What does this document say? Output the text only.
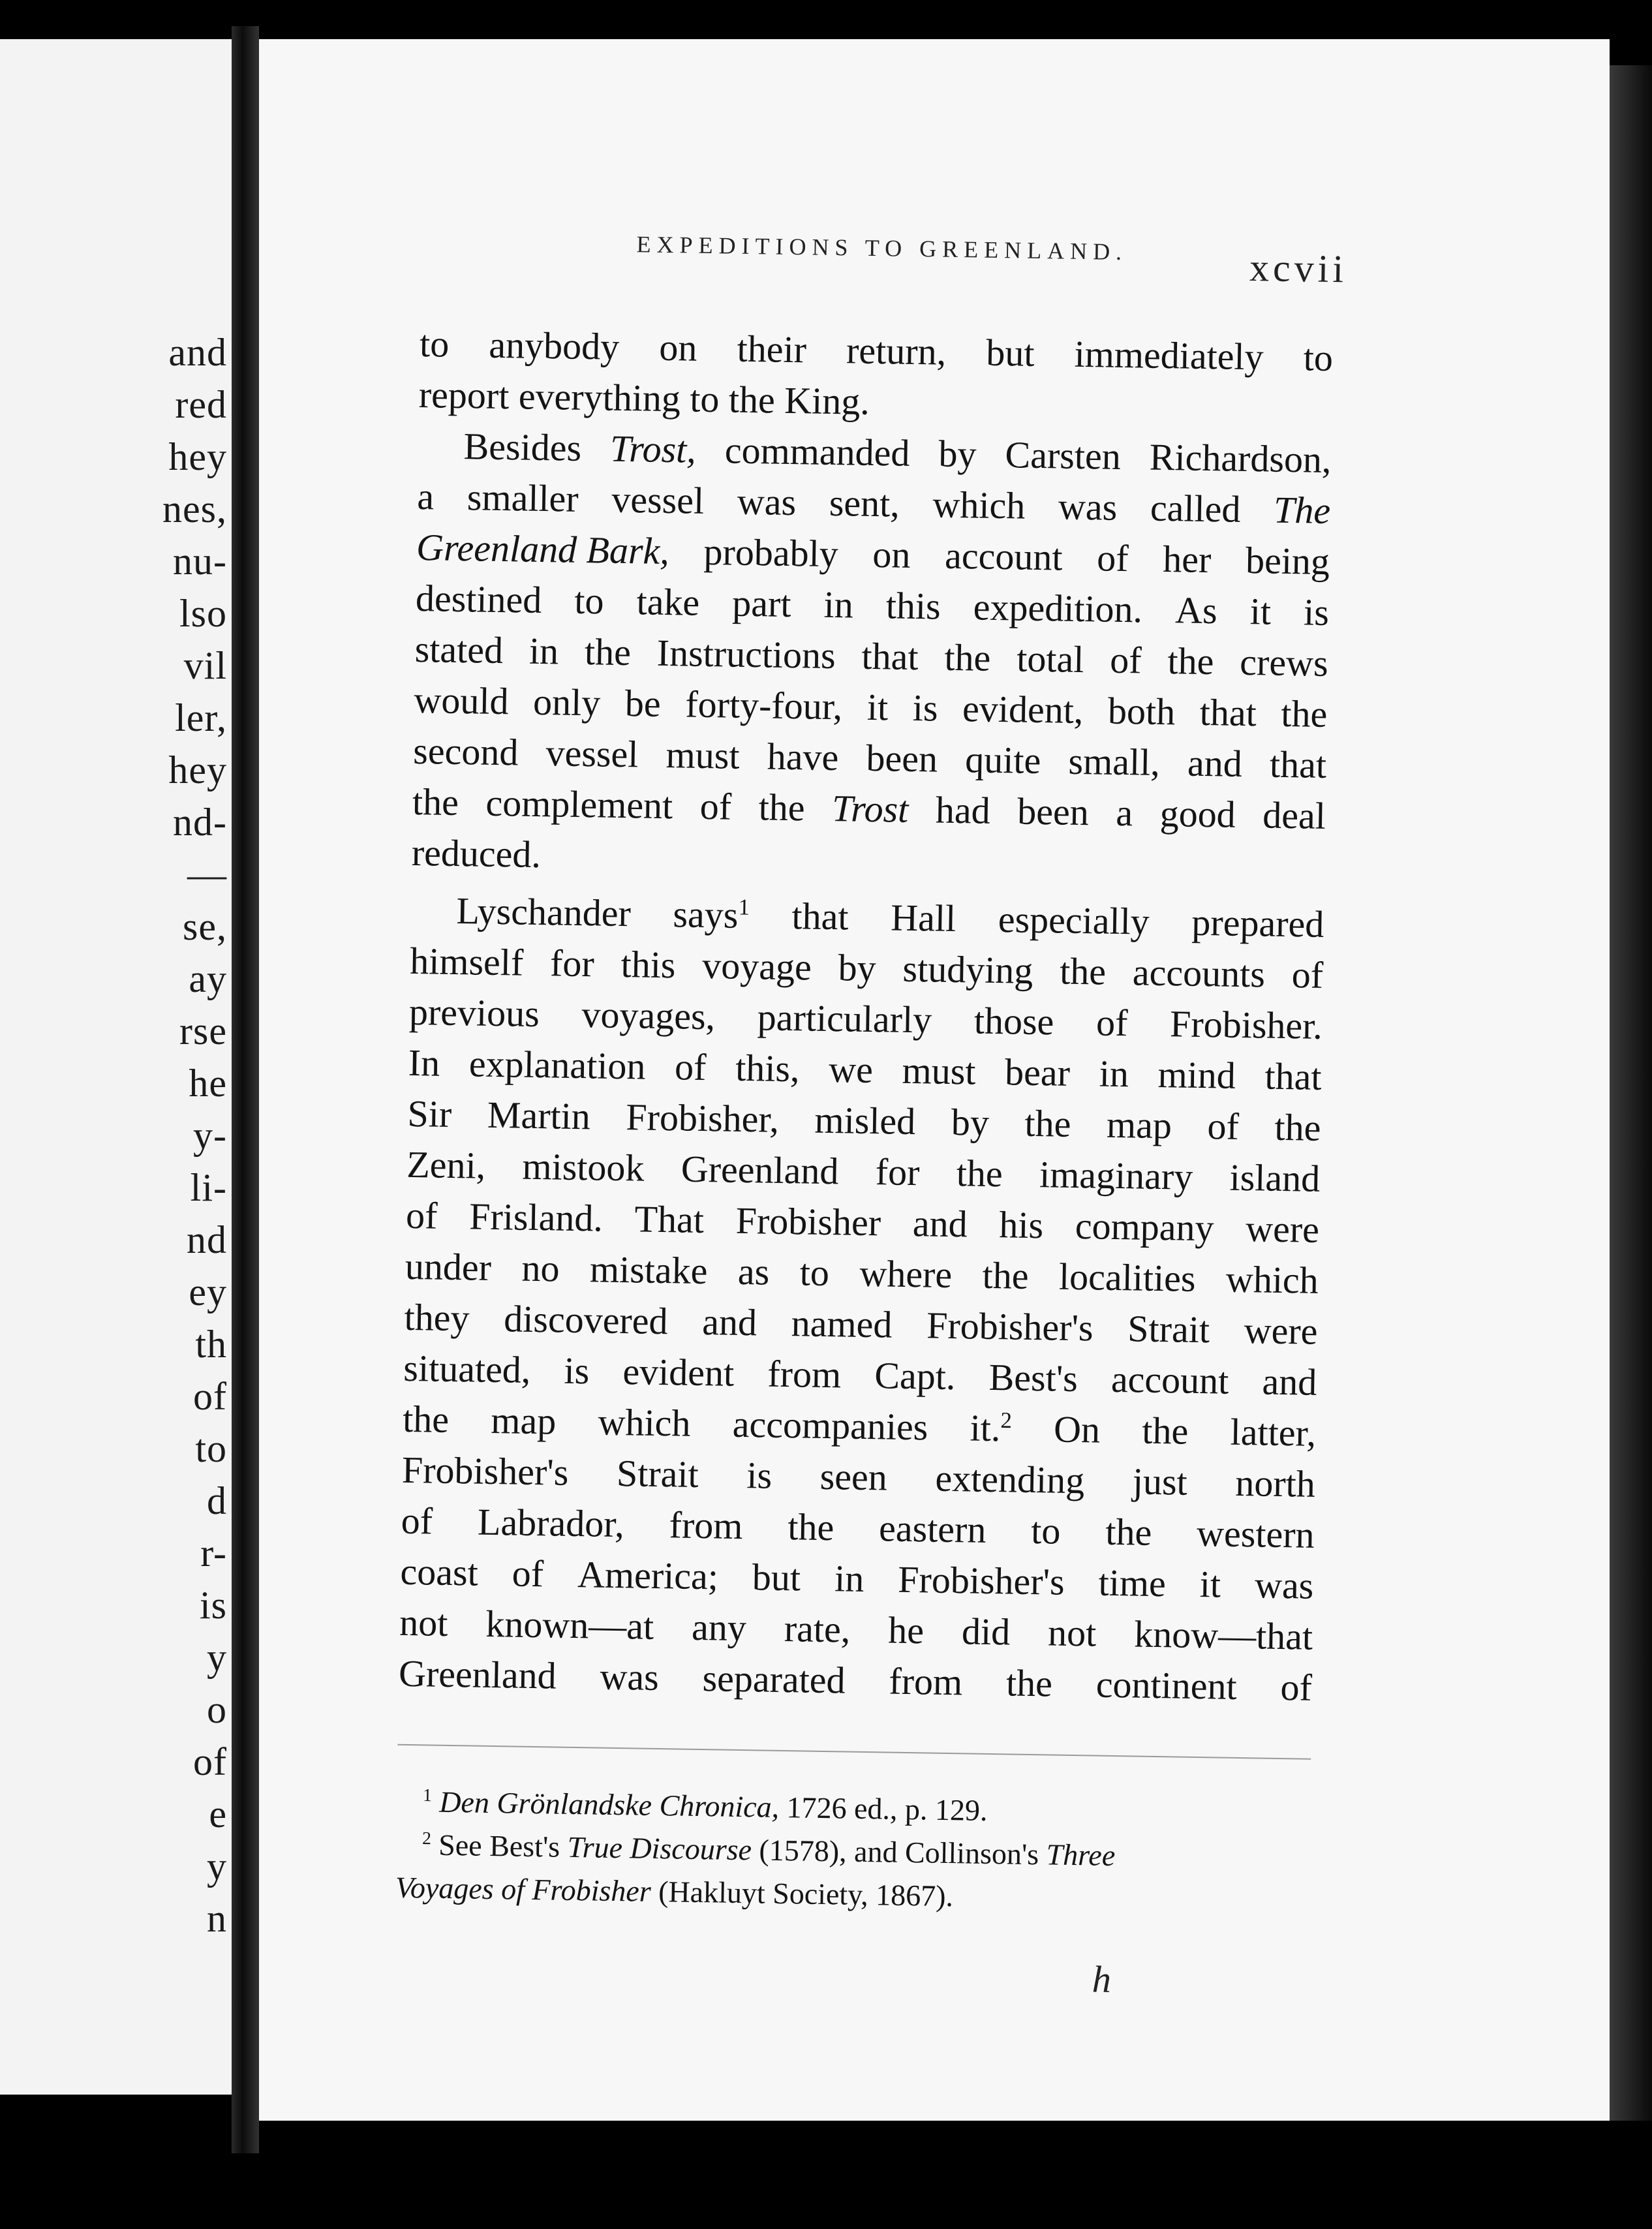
and
red
hey
nes,
nu-
lso
vil
ler,
hey
nd-
—
se,
ay
rse
he
y-
li-
nd
ey
th
of
to
d
r-
is
y
o
of
e
y
n
EXPEDITIONS TO GREENLAND.	xcvii
to anybody on their return, but immediately to
report everything to the King.
Besides Trost, commanded by Carsten Richardson,
a smaller vessel was sent, which was called The
Greenland Bark, probably on account of her being
destined to take part in this expedition. As it is
stated in the Instructions that the total of the crews
would only be forty-four, it is evident, both that the
second vessel must have been quite small, and that
the complement of the Trost had been a good deal
reduced.
Lyschander says$^1$ that Hall especially prepared
himself for this voyage by studying the accounts of
previous voyages, particularly those of Frobisher.
In explanation of this, we must bear in mind that
Sir Martin Frobisher, misled by the map of the
Zeni, mistook Greenland for the imaginary island
of Frisland. That Frobisher and his company were
under no mistake as to where the localities which
they discovered and named Frobisher's Strait were
situated, is evident from Capt. Best's account and
the map which accompanies it.$^2$ On the latter,
Frobisher's Strait is seen extending just north
of Labrador, from the eastern to the western
coast of America; but in Frobisher's time it was
not known—at any rate, he did not know—that
Greenland was separated from the continent of
$^1$ Den Grönlandske Chronica, 1726 ed., p. 129.
$^2$ See Best's True Discourse (1578), and Collinson's Three
Voyages of Frobisher (Hakluyt Society, 1867).
h
